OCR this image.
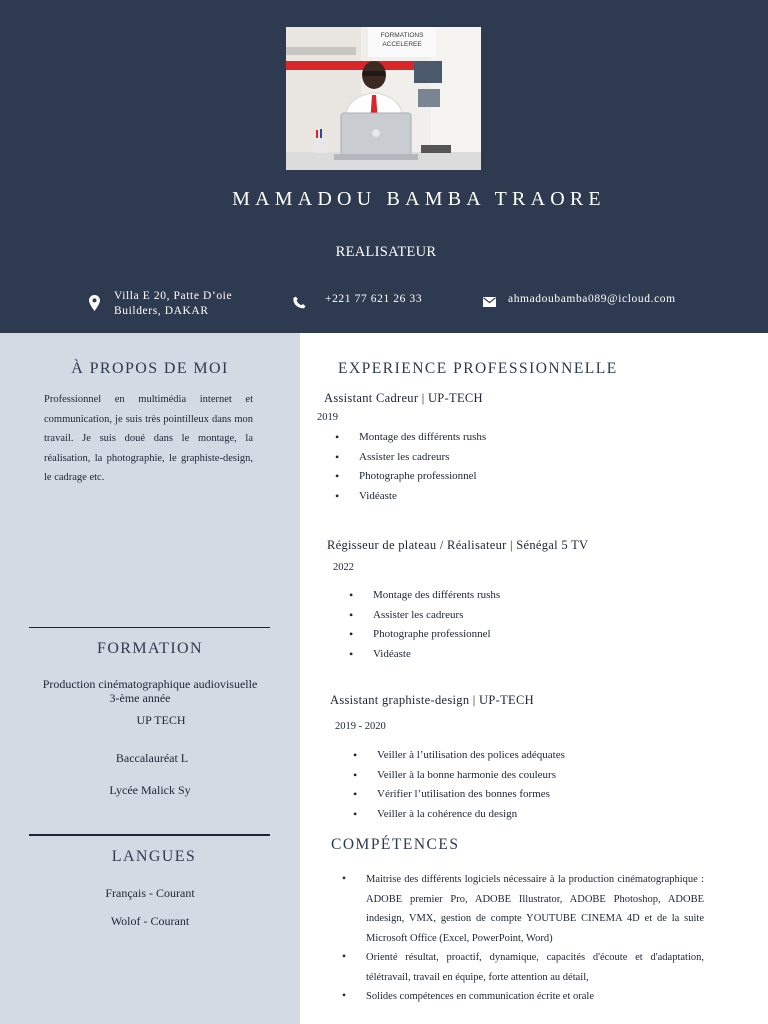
FORMATIONS
ACCELEREE
MAMADOU BAMBA TRAORE
REALISATEUR
Villa E 20, Patte D’oie
Builders, DAKAR
+221 77 621 26 33	ahmadoubamba089@icloud.com
À PROPOS DE MOI
Professionnel en multimédia internet et communication, je suis très pointilleux dans mon travail. Je suis doué dans le montage, la réalisation, la photographie, le graphiste-design, le cadrage etc.
FORMATION
Production cinématographique audiovisuelle
3-ème année
UP TECH
Baccalauréat L
Lycée Malick Sy
LANGUES
Français - Courant
Wolof - Courant
EXPERIENCE PROFESSIONNELLE
Assistant Cadreur | UP-TECH
2019
• Montage des différents rushs
• Assister les cadreurs
• Photographe professionnel
• Vidéaste
Régisseur de plateau / Réalisateur | Sénégal 5 TV
2022
• Montage des différents rushs
• Assister les cadreurs
• Photographe professionnel
• Vidéaste
Assistant graphiste-design | UP-TECH
2019 - 2020
• Veiller à l’utilisation des polices adéquates
• Veiller à la bonne harmonie des couleurs
• Vérifier l’utilisation des bonnes formes
• Veiller à la cohérence du design
COMPÉTENCES
• Maitrise des différents logiciels nécessaire à la production cinématographique : ADOBE premier Pro, ADOBE Illustrator, ADOBE Photoshop, ADOBE indesign, VMX, gestion de compte YOUTUBE CINEMA 4D et de la suite Microsoft Office (Excel, PowerPoint, Word)
• Orienté résultat, proactif, dynamique, capacités d'écoute et d'adaptation, télétravail, travail en équipe, forte attention au détail,
• Solides compétences en communication écrite et orale
